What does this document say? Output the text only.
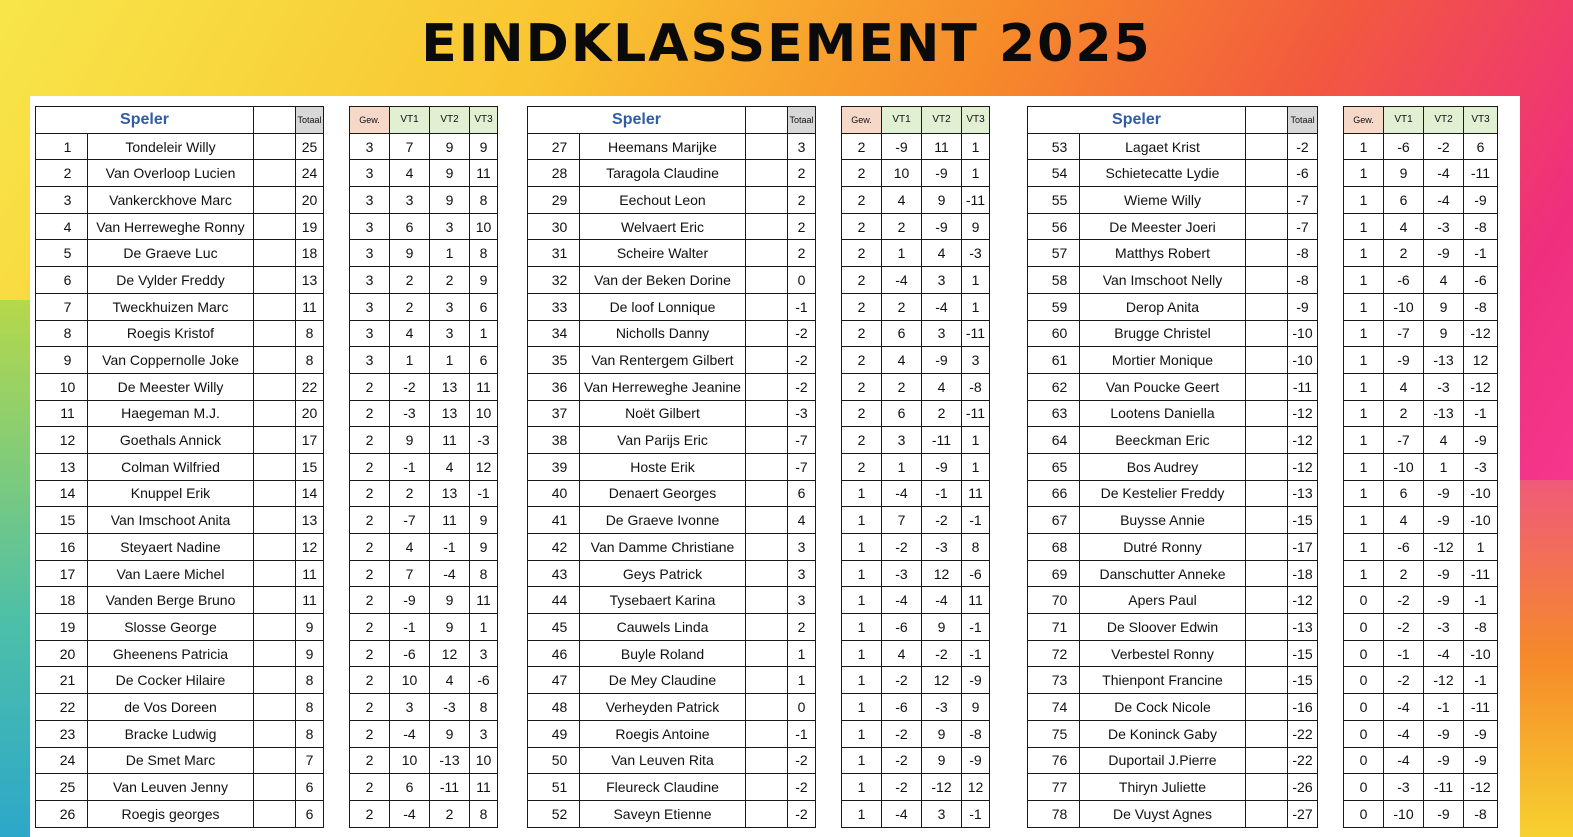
EINDKLASSEMENT 2025
Speler			Totaal		Gew.	VT1	VT2	VT3
1	Tondeleir Willy		25		3	7	9	9
2	Van Overloop Lucien		24		3	4	9	11
3	Vankerckhove Marc		20		3	3	9	8
4	Van Herreweghe Ronny		19		3	6	3	10
5	De Graeve Luc		18		3	9	1	8
6	De Vylder Freddy		13		3	2	2	9
7	Tweckhuizen Marc		11		3	2	3	6
8	Roegis Kristof		8		3	4	3	1
9	Van Coppernolle Joke		8		3	1	1	6
10	De Meester Willy		22		2	-2	13	11
11	Haegeman M.J.		20		2	-3	13	10
12	Goethals Annick		17		2	9	11	-3
13	Colman Wilfried		15		2	-1	4	12
14	Knuppel Erik		14		2	2	13	-1
15	Van Imschoot Anita		13		2	-7	11	9
16	Steyaert Nadine		12		2	4	-1	9
17	Van Laere Michel		11		2	7	-4	8
18	Vanden Berge Bruno		11		2	-9	9	11
19	Slosse George		9		2	-1	9	1
20	Gheenens Patricia		9		2	-6	12	3
21	De Cocker Hilaire		8		2	10	4	-6
22	de Vos Doreen		8		2	3	-3	8
23	Bracke Ludwig		8		2	-4	9	3
24	De Smet Marc		7		2	10	-13	10
25	Van Leuven Jenny		6		2	6	-11	11
26	Roegis georges		6		2	-4	2	8
Speler			Totaal		Gew.	VT1	VT2	VT3
27	Heemans Marijke		3		2	-9	11	1
28	Taragola Claudine		2		2	10	-9	1
29	Eechout Leon		2		2	4	9	-11
30	Welvaert Eric		2		2	2	-9	9
31	Scheire Walter		2		2	1	4	-3
32	Van der Beken Dorine		0		2	-4	3	1
33	De loof Lonnique		-1		2	2	-4	1
34	Nicholls Danny		-2		2	6	3	-11
35	Van Rentergem Gilbert		-2		2	4	-9	3
36	Van Herreweghe Jeanine		-2		2	2	4	-8
37	Noët Gilbert		-3		2	6	2	-11
38	Van Parijs Eric		-7		2	3	-11	1
39	Hoste Erik		-7		2	1	-9	1
40	Denaert Georges		6		1	-4	-1	11
41	De Graeve Ivonne		4		1	7	-2	-1
42	Van Damme Christiane		3		1	-2	-3	8
43	Geys Patrick		3		1	-3	12	-6
44	Tysebaert Karina		3		1	-4	-4	11
45	Cauwels Linda		2		1	-6	9	-1
46	Buyle Roland		1		1	4	-2	-1
47	De Mey Claudine		1		1	-2	12	-9
48	Verheyden Patrick		0		1	-6	-3	9
49	Roegis Antoine		-1		1	-2	9	-8
50	Van Leuven Rita		-2		1	-2	9	-9
51	Fleureck Claudine		-2		1	-2	-12	12
52	Saveyn Etienne		-2		1	-4	3	-1
Speler			Totaal		Gew.	VT1	VT2	VT3
53	Lagaet Krist		-2		1	-6	-2	6
54	Schietecatte Lydie		-6		1	9	-4	-11
55	Wieme Willy		-7		1	6	-4	-9
56	De Meester Joeri		-7		1	4	-3	-8
57	Matthys Robert		-8		1	2	-9	-1
58	Van Imschoot Nelly		-8		1	-6	4	-6
59	Derop Anita		-9		1	-10	9	-8
60	Brugge Christel		-10		1	-7	9	-12
61	Mortier Monique		-10		1	-9	-13	12
62	Van Poucke Geert		-11		1	4	-3	-12
63	Lootens Daniella		-12		1	2	-13	-1
64	Beeckman Eric		-12		1	-7	4	-9
65	Bos Audrey		-12		1	-10	1	-3
66	De Kestelier Freddy		-13		1	6	-9	-10
67	Buysse Annie		-15		1	4	-9	-10
68	Dutré Ronny		-17		1	-6	-12	1
69	Danschutter Anneke		-18		1	2	-9	-11
70	Apers Paul		-12		0	-2	-9	-1
71	De Sloover Edwin		-13		0	-2	-3	-8
72	Verbestel Ronny		-15		0	-1	-4	-10
73	Thienpont Francine		-15		0	-2	-12	-1
74	De Cock Nicole		-16		0	-4	-1	-11
75	De Koninck Gaby		-22		0	-4	-9	-9
76	Duportail J.Pierre		-22		0	-4	-9	-9
77	Thiryn Juliette		-26		0	-3	-11	-12
78	De Vuyst Agnes		-27		0	-10	-9	-8
